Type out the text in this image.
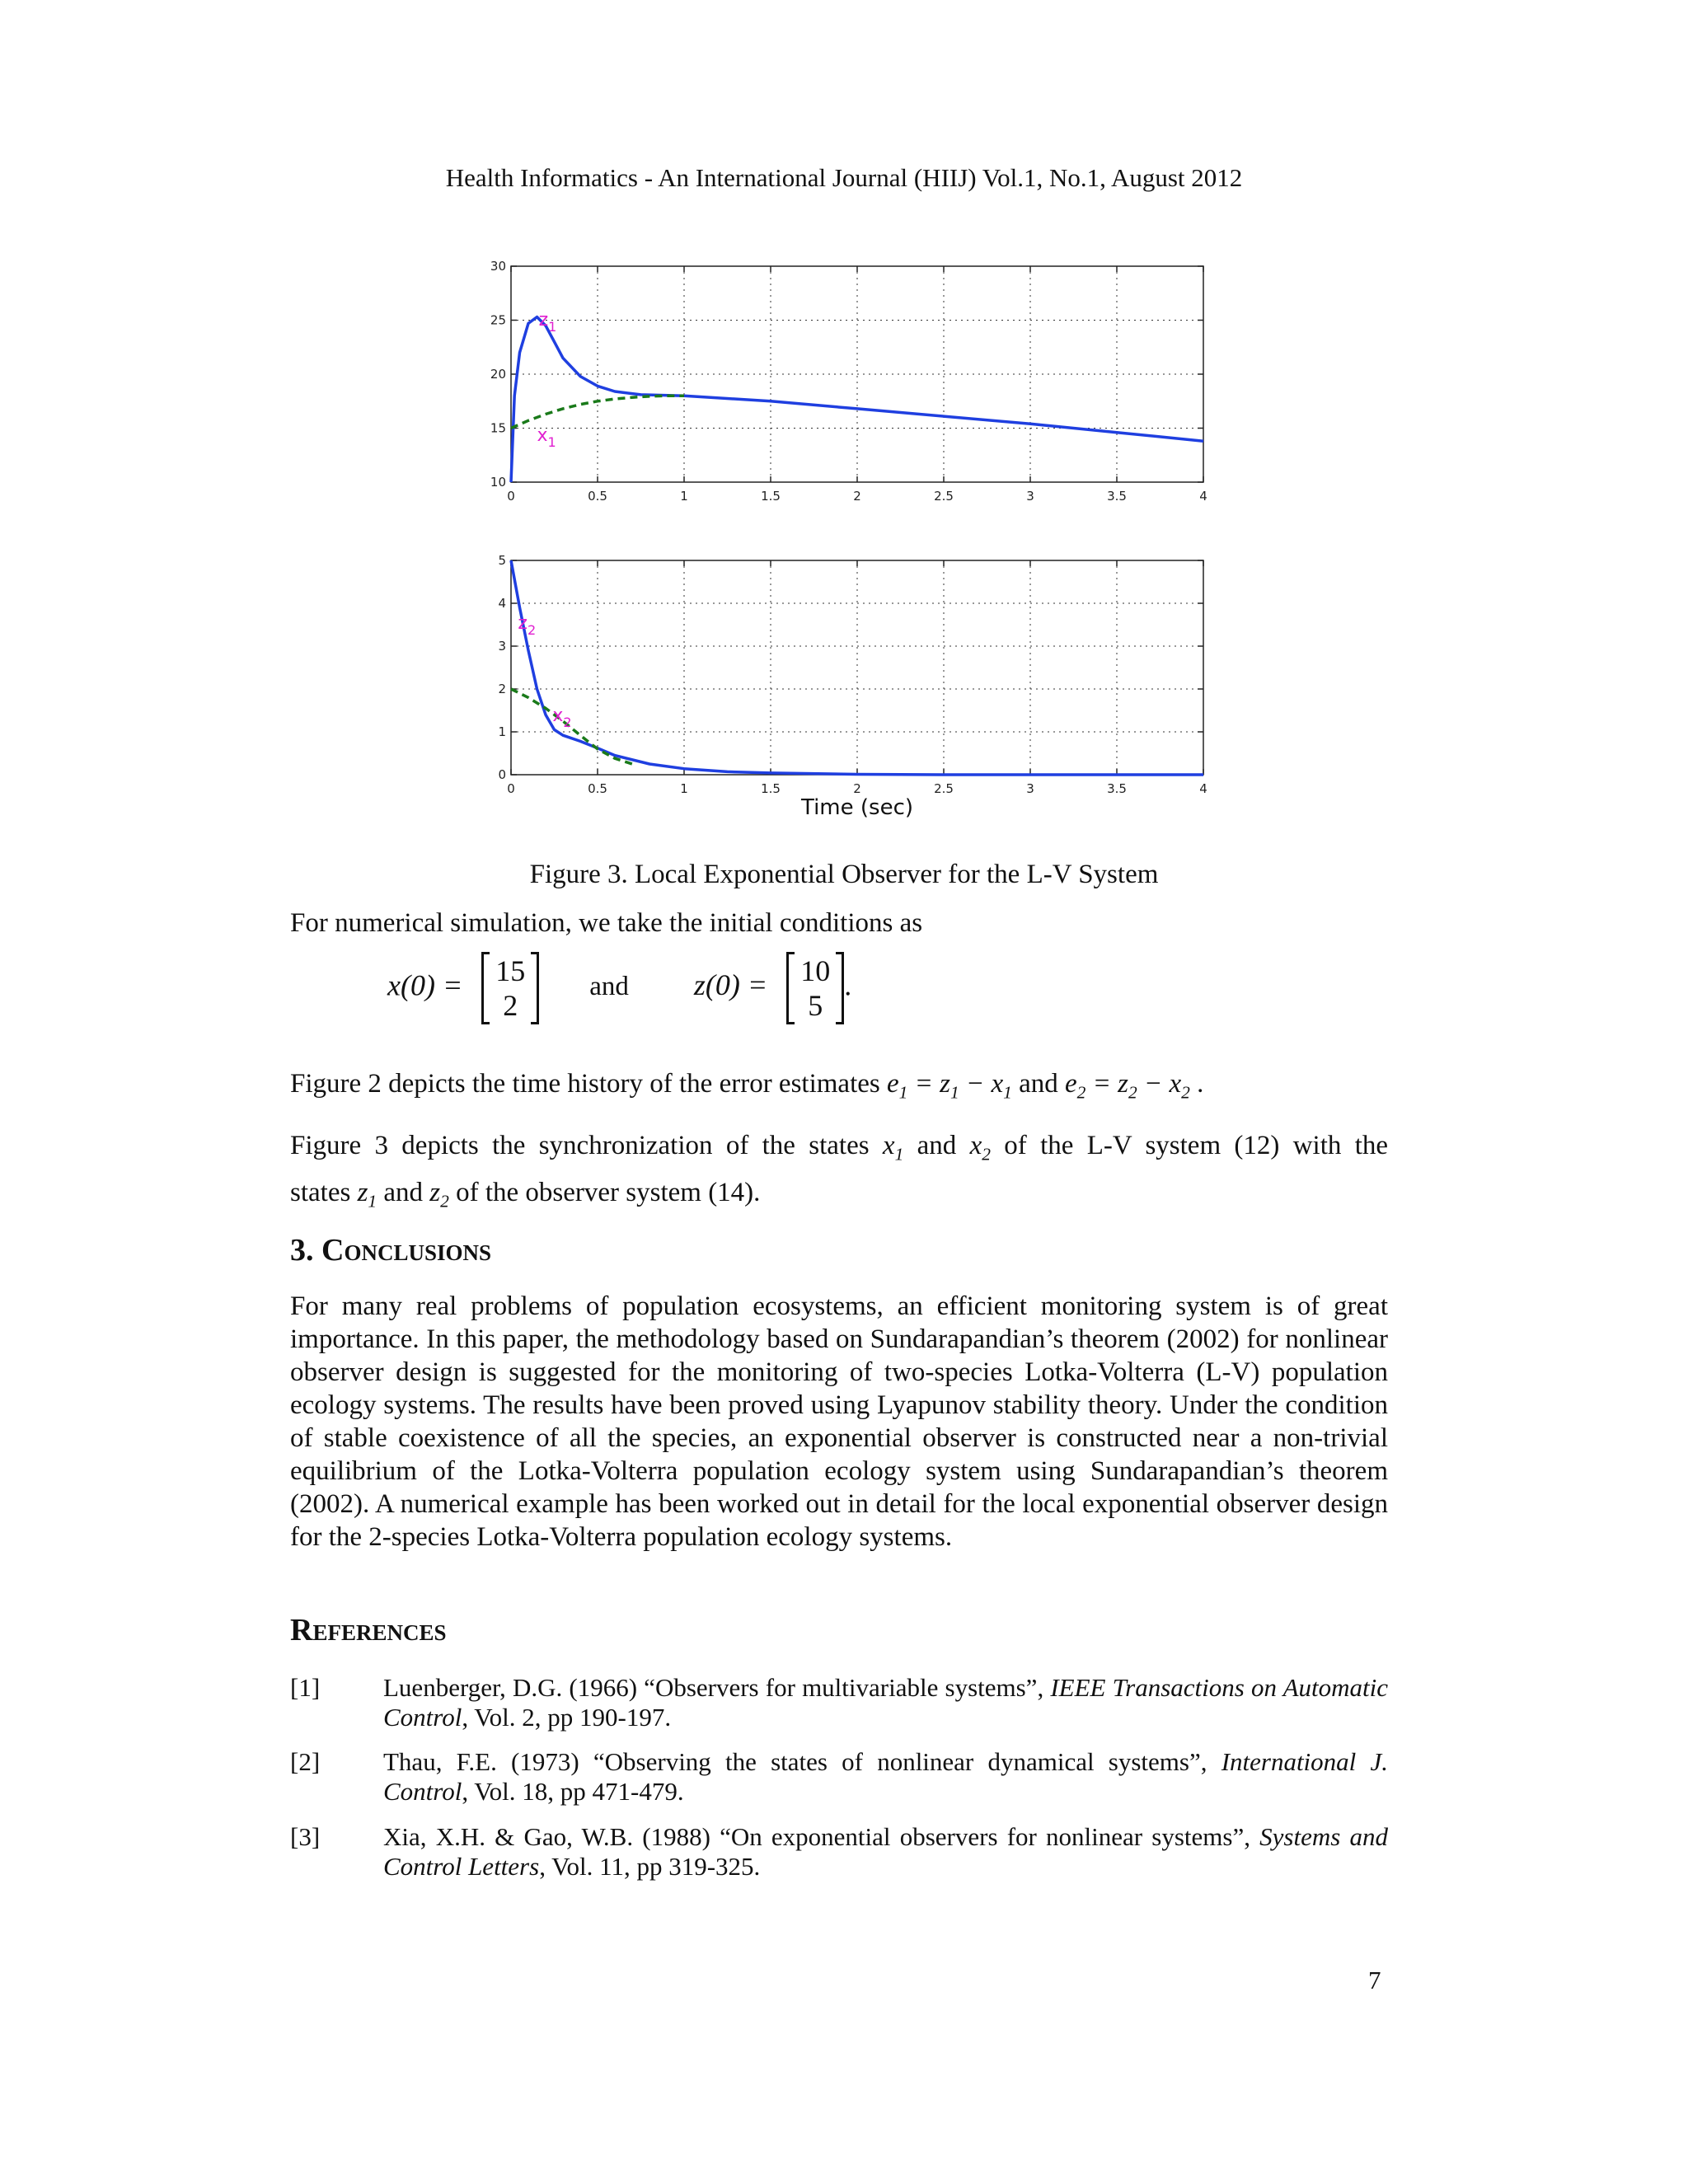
Health Informatics - An International Journal (HIIJ) Vol.1, No.1, August 2012
0	0.5	1	1.5	2	2.5	3	3.5	4
10
15
20
25
30
$z_1$
$x_1$
0	0.5	1	1.5	2	2.5	3	3.5	4
0
1
2
3
4
5
$z_2$
$x_2$
Time (sec)
Figure 3. Local Exponential Observer for the L-V System
For numerical simulation, we take the initial conditions as
x(0) = 15
2
and z(0) = 10
5
.
Figure 2 depicts the time history of the error estimates $e_1 = z_1 - x_1$ and $e_2 = z_2 - x_2$ .
Figure 3 depicts the synchronization of the states $x_1$ and $x_2$ of the L-V system (12) with the
states $z_1$ and $z_2$ of the observer system (14).
3. Conclusions
For many real problems of population ecosystems, an efficient monitoring system is of great importance. In this paper, the methodology based on Sundarapandian’s theorem (2002) for nonlinear observer design is suggested for the monitoring of two-species Lotka-Volterra (L-V) population ecology systems. The results have been proved using Lyapunov stability theory. Under the condition of stable coexistence of all the species, an exponential observer is constructed near a non-trivial equilibrium of the Lotka-Volterra population ecology system using Sundarapandian’s theorem (2002). A numerical example has been worked out in detail for the local exponential observer design for the 2-species Lotka-Volterra population ecology systems.
References
[1] Luenberger, D.G. (1966) “Observers for multivariable systems”, IEEE Transactions on Automatic Control, Vol. 2, pp 190-197.
[2] Thau, F.E. (1973) “Observing the states of nonlinear dynamical systems”, International J. Control, Vol. 18, pp 471-479.
[3] Xia, X.H. & Gao, W.B. (1988) “On exponential observers for nonlinear systems”, Systems and Control Letters, Vol. 11, pp 319-325.
7
